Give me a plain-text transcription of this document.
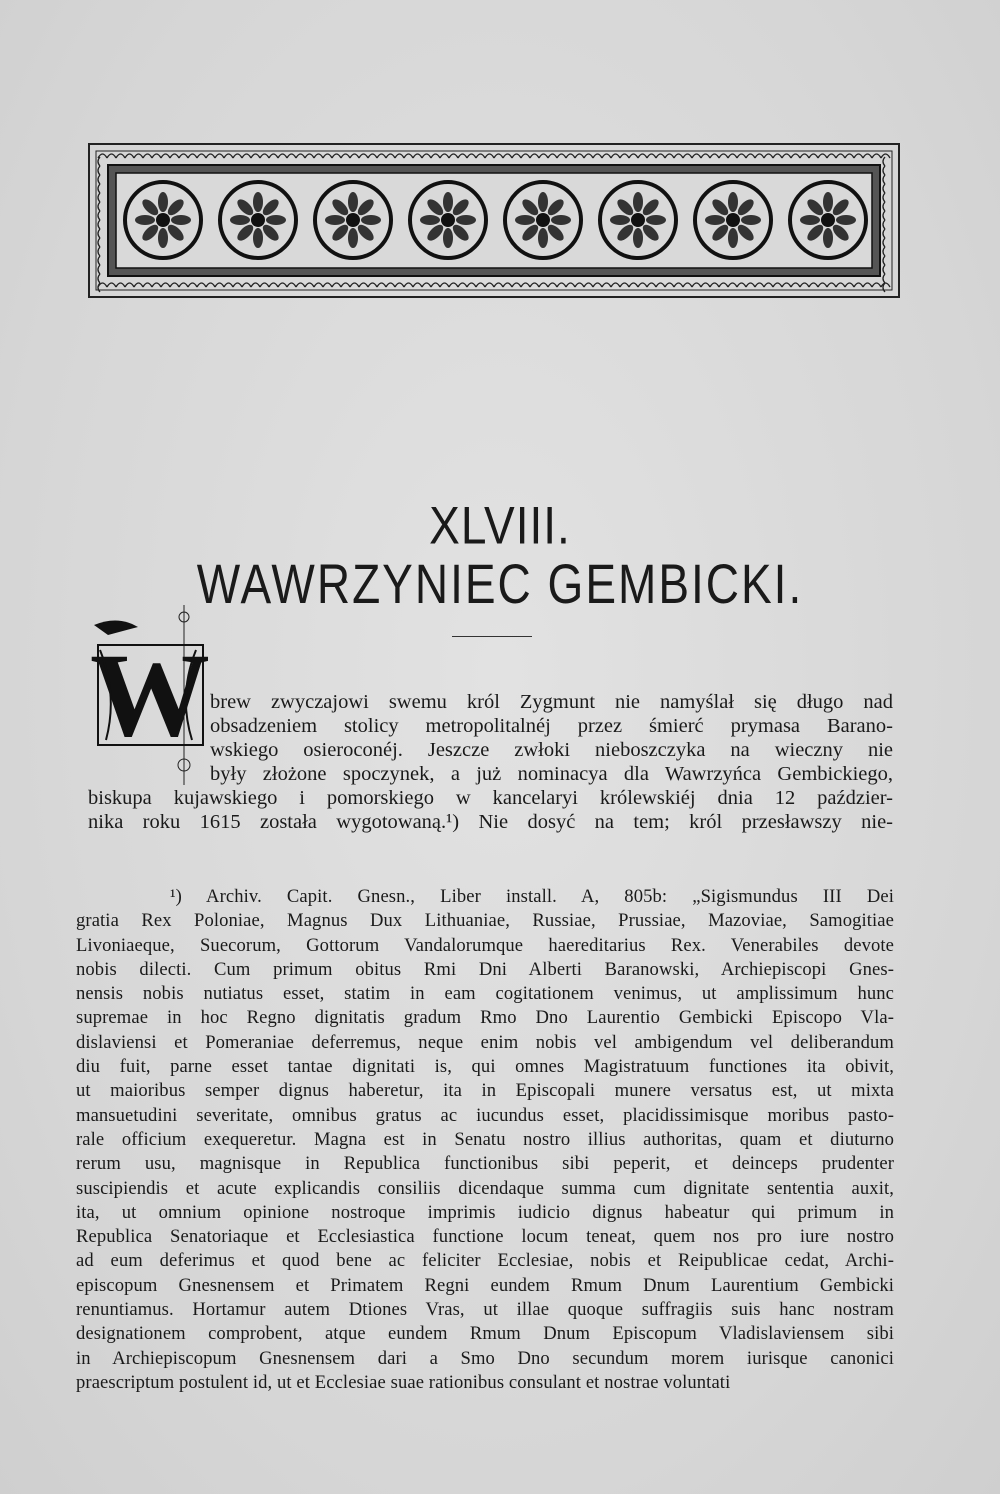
W
XLVIII.
WAWRZYNIEC GEMBICKI.
brew zwyczajowi swemu król Zygmunt nie namyślał się długo nad
obsadzeniem stolicy metropolitalnéj przez śmierć prymasa Barano-
wskiego osieroconéj. Jeszcze zwłoki nieboszczyka na wieczny nie
były złożone spoczynek, a już nominacya dla Wawrzyńca Gembickiego,
biskupa kujawskiego i pomorskiego w kancelaryi królewskiéj dnia 12 paździer-
nika roku 1615 została wygotowaną.¹) Nie dosyć na tem; król przesławszy nie-
¹) Archiv. Capit. Gnesn., Liber install. A, 805b: „Sigismundus III Dei
gratia Rex Poloniae, Magnus Dux Lithuaniae, Russiae, Prussiae, Mazoviae, Samogitiae
Livoniaeque, Suecorum, Gottorum Vandalorumque haereditarius Rex. Venerabiles devote
nobis dilecti. Cum primum obitus Rmi Dni Alberti Baranowski, Archiepiscopi Gnes-
nensis nobis nutiatus esset, statim in eam cogitationem venimus, ut amplissimum hunc
supremae in hoc Regno dignitatis gradum Rmo Dno Laurentio Gembicki Episcopo Vla-
dislaviensi et Pomeraniae deferremus, neque enim nobis vel ambigendum vel deliberandum
diu fuit, parne esset tantae dignitati is, qui omnes Magistratuum functiones ita obivit,
ut maioribus semper dignus haberetur, ita in Episcopali munere versatus est, ut mixta
mansuetudini severitate, omnibus gratus ac iucundus esset, placidissimisque moribus pasto-
rale officium exequeretur. Magna est in Senatu nostro illius authoritas, quam et diuturno
rerum usu, magnisque in Republica functionibus sibi peperit, et deinceps prudenter
suscipiendis et acute explicandis consiliis dicendaque summa cum dignitate sententia auxit,
ita, ut omnium opinione nostroque imprimis iudicio dignus habeatur qui primum in
Republica Senatoriaque et Ecclesiastica functione locum teneat, quem nos pro iure nostro
ad eum deferimus et quod bene ac feliciter Ecclesiae, nobis et Reipublicae cedat, Archi-
episcopum Gnesnensem et Primatem Regni eundem Rmum Dnum Laurentium Gembicki
renuntiamus. Hortamur autem Dtiones Vras, ut illae quoque suffragiis suis hanc nostram
designationem comprobent, atque eundem Rmum Dnum Episcopum Vladislaviensem sibi
in Archiepiscopum Gnesnensem dari a Smo Dno secundum morem iurisque canonici
praescriptum postulent id, ut et Ecclesiae suae rationibus consulant et nostrae voluntati
